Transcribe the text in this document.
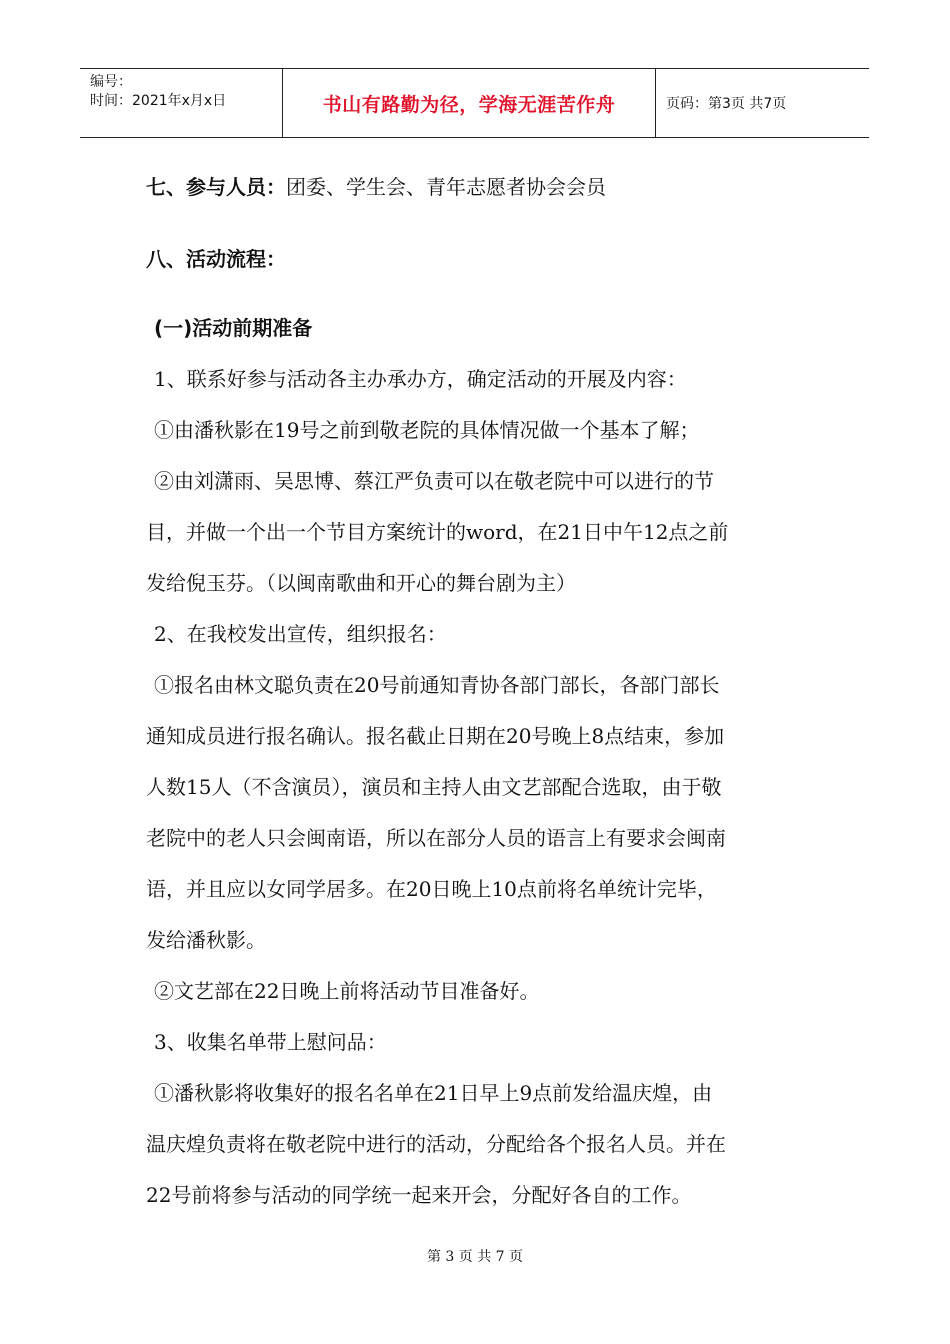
编号：
时间：2021年x月x日	书山有路勤为径，学海无涯苦作舟	页码：第3页 共7页

七、参与人员：团委、学生会、青年志愿者协会会员

八、活动流程：

(一)活动前期准备

1、联系好参与活动各主办承办方，确定活动的开展及内容：

①由潘秋影在19号之前到敬老院的具体情况做一个基本了解；

②由刘潇雨、吴思博、蔡江严负责可以在敬老院中可以进行的节

目，并做一个出一个节目方案统计的word，在21日中午12点之前

发给倪玉芬。（以闽南歌曲和开心的舞台剧为主）

2、在我校发出宣传，组织报名：

①报名由林文聪负责在20号前通知青协各部门部长，各部门部长

通知成员进行报名确认。报名截止日期在20号晚上8点结束，参加

人数15人（不含演员），演员和主持人由文艺部配合选取，由于敬

老院中的老人只会闽南语，所以在部分人员的语言上有要求会闽南

语，并且应以女同学居多。在20日晚上10点前将名单统计完毕，

发给潘秋影。

②文艺部在22日晚上前将活动节目准备好。

3、收集名单带上慰问品：

①潘秋影将收集好的报名名单在21日早上9点前发给温庆煌，由

温庆煌负责将在敬老院中进行的活动，分配给各个报名人员。并在

22号前将参与活动的同学统一起来开会，分配好各自的工作。

第 3 页 共 7 页
